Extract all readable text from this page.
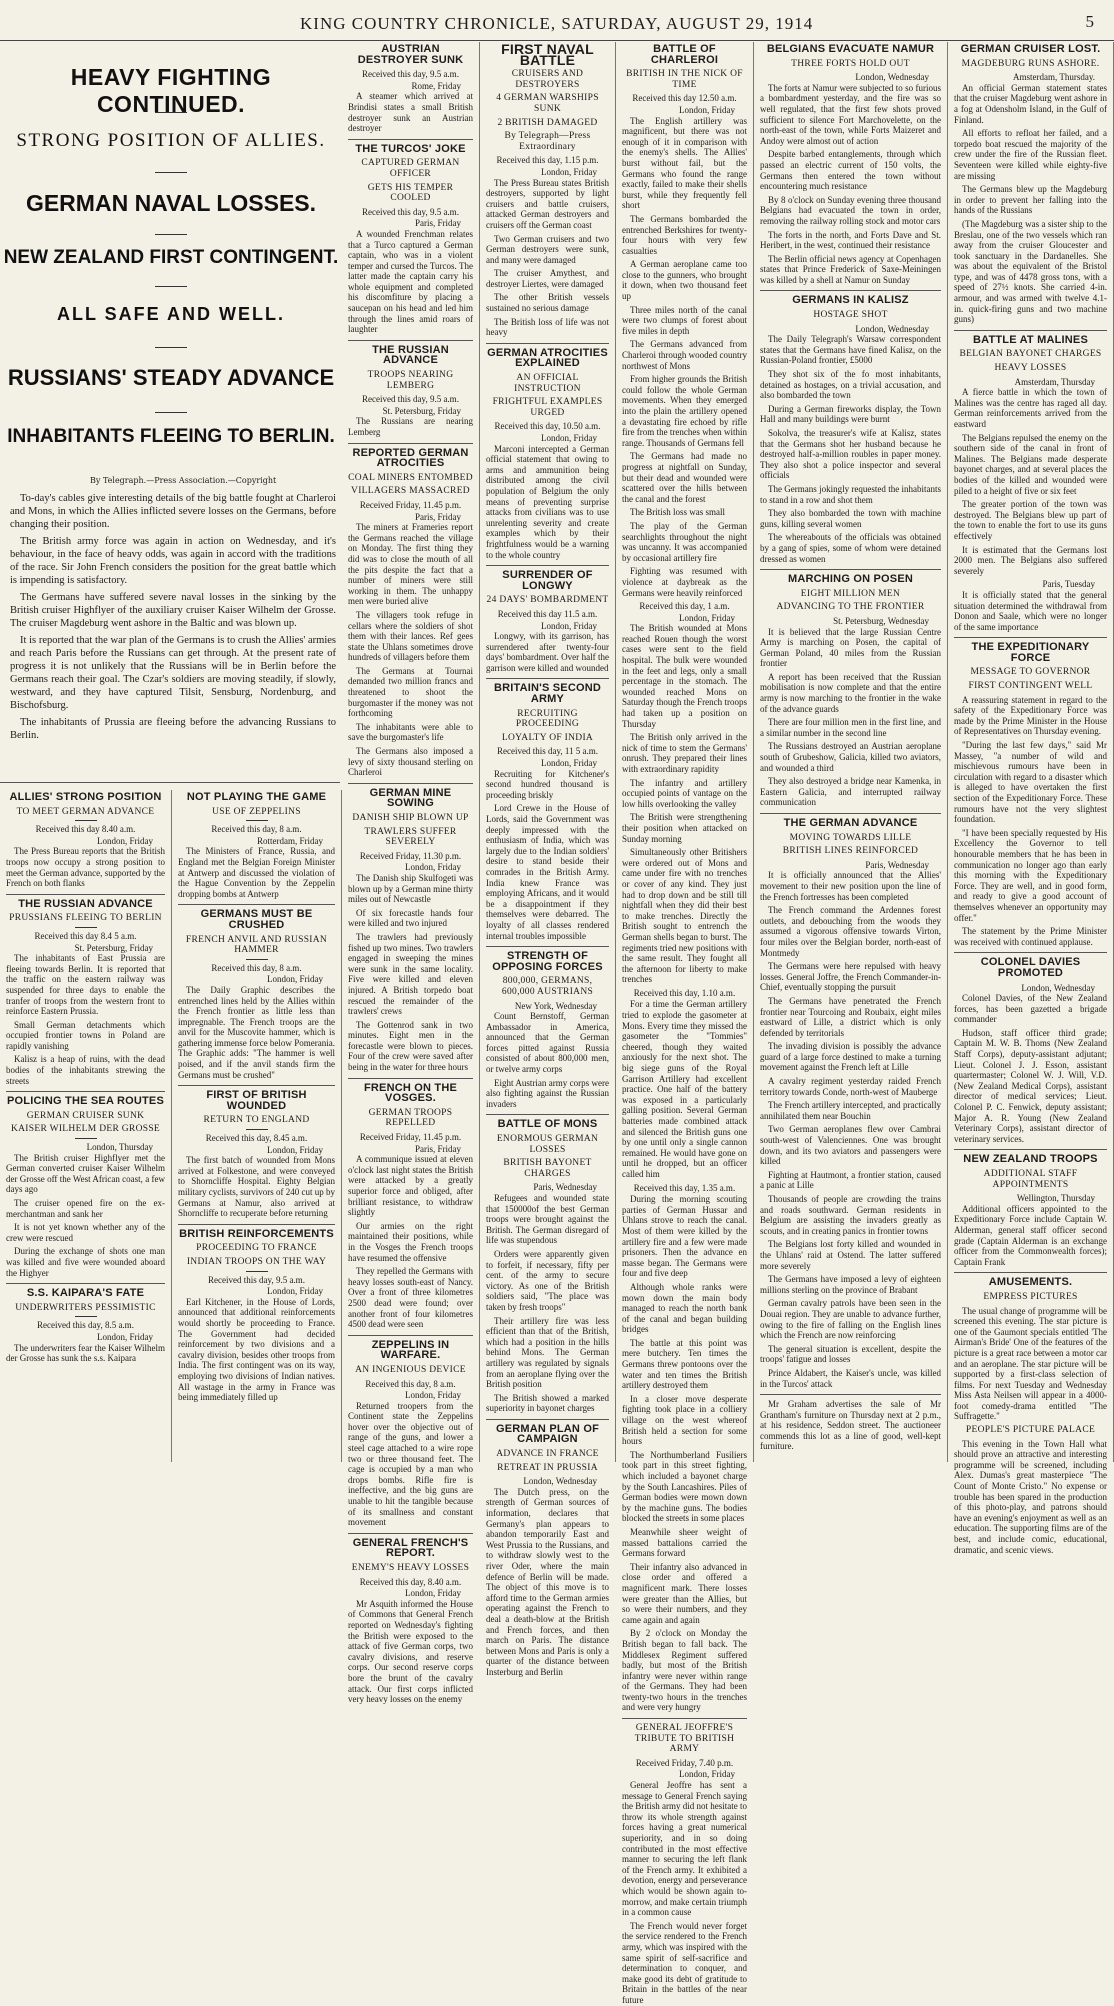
KING COUNTRY CHRONICLE, SATURDAY, AUGUST 29, 1914	5
HEAVY FIGHTING CONTINUED.
STRONG POSITION OF ALLIES.
GERMAN NAVAL LOSSES.
NEW ZEALAND FIRST CONTINGENT.
ALL SAFE AND WELL.
RUSSIANS' STEADY ADVANCE
INHABITANTS FLEEING TO BERLIN.
By Telegraph.—Press Association.—Copyright

To-day's cables give interesting details of the big battle fought at Charleroi and Mons, in which the Allies inflicted severe losses on the Germans, before changing their position.

The British army force was again in action on Wednesday, and it's behaviour, in the face of heavy odds, was again in accord with the traditions of the race. Sir John French considers the position for the great battle which is impending is satisfactory.

The Germans have suffered severe naval losses in the sinking by the British cruiser Highflyer of the auxiliary cruiser Kaiser Wilhelm der Grosse. The cruiser Magdeburg went ashore in the Baltic and was blown up.

It is reported that the war plan of the Germans is to crush the Allies' armies and reach Paris before the Russians can get through. At the present rate of progress it is not unlikely that the Russians will be in Berlin before the Germans reach their goal. The Czar's soldiers are moving steadily, if slowly, westward, and they have captured Tilsit, Sensburg, Nordenburg, and Bischofsburg.

The inhabitants of Prussia are fleeing before the advancing Russians to Berlin.

ALLIES' STRONG POSITION
TO MEET GERMAN ADVANCE
Received this day 8.40 a.m.
London, Friday

The Press Bureau reports that the British troops now occupy a strong position to meet the German advance, supported by the French on both flanks

THE RUSSIAN ADVANCE
PRUSSIANS FLEEING TO BERLIN
Received this day 8.4 5 a.m.
St. Petersburg, Friday

The inhabitants of East Prussia are fleeing towards Berlin. It is reported that the traffic on the eastern railway was suspended for three days to enable the tranfer of troops from the western front to reinforce Eastern Prussia.

Small German detachments which occupied frontier towns in Poland are rapidly vanishing

Kalisz is a heap of ruins, with the dead bodies of the inhabitants strewing the streets

POLICING THE SEA ROUTES
GERMAN CRUISER SUNK
KAISER WILHELM DER GROSSE
London, Thursday

The British cruiser Highflyer met the German converted cruiser Kaiser Wilhelm der Grosse off the West African coast, a few days ago

The cruiser opened fire on the ex-merchantman and sank her

It is not yet known whether any of the crew were rescued

During the exchange of shots one man was killed and five were wounded aboard the Highyer

S.S. KAIPARA'S FATE
UNDERWRITERS PESSIMISTIC
Received this day, 8.5 a.m.
London, Friday

The underwriters fear the Kaiser Wilhelm der Grosse has sunk the s.s. Kaipara

NOT PLAYING THE GAME
USE OF ZEPPELINS
Received this day, 8 a.m.
Rotterdam, Friday

The Ministers of France, Russia, and England met the Belgian Foreign Minister at Antwerp and discussed the violation of the Hague Convention by the Zeppelin dropping bombs at Antwerp

GERMANS MUST BE CRUSHED
FRENCH ANVIL AND RUSSIAN HAMMER
Received this day, 8 a.m.
London, Friday

The Daily Graphic describes the entrenched lines held by the Allies within the French frontier as little less than impregnable. The French troops are the anvil for the Muscovite hammer, which is gathering immense force below Pomerania. The Graphic adds: "The hammer is well poised, and if the anvil stands firm the Germans must be crushed"

FIRST OF BRITISH WOUNDED
RETURN TO ENGLAND
Received this day, 8.45 a.m.
London, Friday

The first batch of wounded from Mons arrived at Folkestone, and were conveyed to Shorncliffe Hospital. Eighty Belgian military cyclists, survivors of 240 cut up by Germans at Namur, also arrived at Shorncliffe to recuperate before returning

BRITISH REINFORCEMENTS
PROCEEDING TO FRANCE
INDIAN TROOPS ON THE WAY
Received this day, 9.5 a.m.
London, Friday

Earl Kitchener, in the House of Lords, announced that additional reinforcements would shortly be proceeding to France. The Government had decided reinforcement by two divisions and a cavalry division, besides other troops from India. The first contingent was on its way, employing two divisions of Indian natives. All wastage in the army in France was being immediately filled up

AUSTRIAN DESTROYER SUNK
Received this day, 9.5 a.m.
Rome, Friday

A steamer which arrived at Brindisi states a small British destroyer sunk an Austrian destroyer

THE TURCOS' JOKE
CAPTURED GERMAN OFFICER
GETS HIS TEMPER COOLED
Received this day, 9.5 a.m.
Paris, Friday

A wounded Frenchman relates that a Turco captured a German captain, who was in a violent temper and cursed the Turcos. The latter made the captain carry his whole equipment and completed his discomfiture by placing a saucepan on his head and led him through the lines amid roars of laughter

THE RUSSIAN ADVANCE
TROOPS NEARING LEMBERG
Received this day, 9.5 a.m.
St. Petersburg, Friday

The Russians are nearing Lemberg

REPORTED GERMAN ATROCITIES
COAL MINERS ENTOMBED
VILLAGERS MASSACRED
Received Friday, 11.45 p.m.
Paris, Friday

The miners at Frameries report the Germans reached the village on Monday. The first thing they did was to close the mouth of all the pits despite the fact that a number of miners were still working in them. The unhappy men were buried alive

The villagers took refuge in cellars where the soldiers of shot them with their lances. Ref gees state the Uhlans sometimes drove hundreds of villagers before them

The Germans at Tournai demanded two million francs and threatened to shoot the burgomaster if the money was not forthcoming

The inhabitants were able to save the burgomaster's life

The Germans also imposed a levy of sixty thousand sterling on Charleroi

GERMAN MINE SOWING
DANISH SHIP BLOWN UP
TRAWLERS SUFFER SEVERELY
Received Friday, 11.30 p.m.
London, Friday

The Danish ship Skulfogeti was blown up by a German mine thirty miles out of Newcastle

Of six forecastle hands four were killed and two injured

The trawlers had previously fished up two mines. Two trawlers engaged in sweeping the mines were sunk in the same locality. Five were killed and eleven injured. A British torpedo boat rescued the remainder of the trawlers' crews

The Gottenrod sank in two minutes. Eight men in the forecastle were blown to pieces. Four of the crew were saved after being in the water for three hours

FRENCH ON THE VOSGES.
GERMAN TROOPS REPELLED
Received Friday, 11.45 p.m.
Paris, Friday

A communique issued at eleven o'clock last night states the British were attacked by a greatly superior force and obliged, after brilliant resistance, to withdraw slightly

Our armies on the right maintained their positions, while in the Vosges the French troops have resumed the offensive

They repelled the Germans with heavy losses south-east of Nancy. Over a front of three kilometres 2500 dead were found; over another front of four kilometres 4500 dead were seen

ZEPPELINS IN WARFARE.
AN INGENIOUS DEVICE
Received this day, 8 a.m.
London, Friday

Returned troopers from the Continent state the Zeppelins hover over the objective out of range of the guns, and lower a steel cage attached to a wire rope two or three thousand feet. The cage is occupied by a man who drops bombs. Rifle fire is ineffective, and the big guns are unable to hit the tangible because of its smallness and constant movement

GENERAL FRENCH'S REPORT.
ENEMY'S HEAVY LOSSES
Received this day, 8.40 a.m.
London, Friday

Mr Asquith informed the House of Commons that General French reported on Wednesday's fighting the British were exposed to the attack of five German corps, two cavalry divisions, and reserve corps. Our second reserve corps bore the brunt of the cavalry attack. Our first corps inflicted very heavy losses on the enemy

FIRST NAVAL BATTLE
CRUISERS AND DESTROYERS
4 GERMAN WARSHIPS SUNK
2 BRITISH DAMAGED
By Telegraph—Press Extraordinary
Received this day, 1.15 p.m.
London, Friday

The Press Bureau states British destroyers, supported by light cruisers and battle cruisers, attacked German destroyers and cruisers off the German coast

Two German cruisers and two German destroyers were sunk, and many were damaged

The cruiser Amythest, and destroyer Liertes, were damaged

The other British vessels sustained no serious damage

The British loss of life was not heavy

GERMAN ATROCITIES EXPLAINED
AN OFFICIAL INSTRUCTION
FRIGHTFUL EXAMPLES URGED
Received this day, 10.50 a.m.
London, Friday

Marconi intercepted a German official statement that owing to arms and ammunition being distributed among the civil population of Belgium the only means of preventing surprise attacks from civilians was to use unrelenting severity and create examples which by their frightfulness would be a warning to the whole country

SURRENDER OF LONGWY
24 DAYS' BOMBARDMENT
Received this day 11.5 a.m.
London, Friday

Longwy, with its garrison, has surrendered after twenty-four days' bombardment. Over half the garrison were killed and wounded

BRITAIN'S SECOND ARMY
RECRUITING PROCEEDING
LOYALTY OF INDIA
Received this day, 11 5 a.m.
London, Friday

Recruiting for Kitchener's second hundred thousand is proceeding briskly

Lord Crewe in the House of Lords, said the Government was deeply impressed with the enthusiasm of India, which was largely due to the Indian soldiers' desire to stand beside their comrades in the British Army. India knew France was employing Africans, and it would be a disappointment if they themselves were debarred. The loyalty of all classes rendered internal troubles impossible

STRENGTH OF OPPOSING FORCES
800,000, GERMANS, 600,000 AUSTRIANS
New York, Wednesday

Count Bernstoff, German Ambassador in America, announced that the German forces pitted against Russia consisted of about 800,000 men, or twelve army corps

Eight Austrian army corps were also fighting against the Russian invaders

BATTLE OF MONS
ENORMOUS GERMAN LOSSES
BRITISH BAYONET CHARGES
Paris, Wednesday

Refugees and wounded state that 150000of the best German troops were brought against the British. The German disregard of life was stupendous

Orders were apparently given to forfeit, if necessary, fifty per cent. of the army to secure victory. As one of the British soldiers said, "The place was taken by fresh troops"

Their artillery fire was less efficient than that of the British, which had a position in the hills behind Mons. The German artillery was regulated by signals from an aeroplane flying over the British position

The British showed a marked superiority in bayonet charges

GERMAN PLAN OF CAMPAIGN
ADVANCE IN FRANCE
RETREAT IN PRUSSIA
London, Wednesday

The Dutch press, on the strength of German sources of information, declares that Germany's plan appears to abandon temporarily East and West Prussia to the Russians, and to withdraw slowly west to the river Oder, where the main defence of Berlin will be made. The object of this move is to afford time to the German armies operating against the French to deal a death-blow at the British and French forces, and then march on Paris. The distance between Mons and Paris is only a quarter of the distance between Insterburg and Berlin

BATTLE OF CHARLEROI
BRITISH IN THE NICK OF TIME
Received this day 12.50 a.m.
London, Friday

The English artillery was magnificent, but there was not enough of it in comparison with the enemy's shells. The Allies' burst without fail, but the Germans who found the range exactly, failed to make their shells burst, while they frequently fell short

The Germans bombarded the entrenched Berkshires for twenty-four hours with very few casualties

A German aeroplane came too close to the gunners, who brought it down, when two thousand feet up

Three miles north of the canal were two clumps of forest about five miles in depth

The Germans advanced from Charleroi through wooded country northwest of Mons

From higher grounds the British could follow the whole German movements. When they emerged into the plain the artillery opened a devastating fire echoed by rifle fire from the trenches when within range. Thousands of Germans fell

The Germans had made no progress at nightfall on Sunday, but their dead and wounded were scattered over the hills between the canal and the forest

The British loss was small

The play of the German searchlights throughout the night was uncanny. It was accompanied by occasional artillery fire

Fighting was resumed with violence at daybreak as the Germans were heavily reinforced

Received this day, 1 a.m.
London, Friday

The British wounded at Mons reached Rouen though the worst cases were sent to the field hospital. The bulk were wounded in the feet and legs, only a small percentage in the stomach. The wounded reached Mons on Saturday though the French troops had taken up a position on Thursday

The British only arrived in the nick of time to stem the Germans' onrush. They prepared their lines with extraordinary rapidity

The infantry and artillery occupied points of vantage on the low hills overlooking the valley

The British were strengthening their position when attacked on Sunday morning

Simultaneously other Britishers were ordered out of Mons and came under fire with no trenches or cover of any kind. They just had to drop down and be still till nightfall when they did their best to make trenches. Directly the British sought to entrench the German shells began to burst. The regiments tried new positions with the same result. They fought all the afternoon for liberty to make trenches

Received this day, 1.10 a.m.

For a time the German artillery tried to explode the gasometer at Mons. Every time they missed the gasometer the "Tommies" cheered, though they waited anxiously for the next shot. The big siege guns of the Royal Garrison Artillery had excellent practice. One half of the battery was exposed in a particularly galling position. Several German batteries made combined attack and silenced the British guns one by one until only a single cannon remained. He would have gone on until he dropped, but an officer called him

Received this day, 1.35 a.m.

During the morning scouting parties of German Hussar and Uhlans strove to reach the canal. Most of them were killed by the artillery fire and a few were made prisoners. Then the advance en masse began. The Germans were four and five deep

Although whole ranks were mown down the main body managed to reach the north bank of the canal and began building bridges

The battle at this point was mere butchery. Ten times the Germans threw pontoons over the water and ten times the British artillery destroyed them

In a closer move desperate fighting took place in a colliery village on the west whereof British held a section for some hours

The Northumberland Fusiliers took part in this street fighting, which included a bayonet charge by the South Lancashires. Piles of German bodies were mown down by the machine guns. The bodies blocked the streets in some places

Meanwhile sheer weight of massed battalions carried the Germans forward

Their infantry also advanced in close order and offered a magnificent mark. There losses were greater than the Allies, but so were their numbers, and they came again and again

By 2 o'clock on Monday the British began to fall back. The Middlesex Regiment suffered badly, but most of the British infantry were never within range of the Germans. They had been twenty-two hours in the trenches and were very hungry

GENERAL JEOFFRE'S TRIBUTE TO BRITISH ARMY
Received Friday, 7.40 p.m.
London, Friday

General Jeoffre has sent a message to General French saying the British army did not hesitate to throw its whole strength against forces having a great numerical superiority, and in so doing contributed in the most effective manner to securing the left flank of the French army. It exhibited a devotion, energy and perseverance which would be shown again to-morrow, and make certain triumph in a common cause

The French would never forget the service rendered to the French army, which was inspired with the same spirit of self-sacrifice and determination to conquer, and make good its debt of gratitude to Britain in the battles of the near future

BELGIANS EVACUATE NAMUR
THREE FORTS HOLD OUT
London, Wednesday

The forts at Namur were subjected to so furious a bombardment yesterday, and the fire was so well regulated, that the first few shots proved sufficient to silence Fort Marchovelette, on the north-east of the town, while Forts Maizeret and Andoy were almost out of action

Despite barbed entanglements, through which passed an electric current of 150 volts, the Germans then entered the town without encountering much resistance

By 8 o'clock on Sunday evening three thousand Belgians had evacuated the town in order, removing the railway rolling stock and motor cars

The forts in the north, and Forts Dave and St. Heribert, in the west, continued their resistance

The Berlin official news agency at Copenhagen states that Prince Frederick of Saxe-Meiningen was killed by a shell at Namur on Sunday

GERMANS IN KALISZ
HOSTAGE SHOT
London, Wednesday

The Daily Telegraph's Warsaw correspondent states that the Germans have fined Kalisz, on the Russian-Poland frontier, £5000

They shot six of the fo most inhabitants, detained as hostages, on a trivial accusation, and also bombarded the town

During a German fireworks display, the Town Hall and many buildings were burnt

Sokolva, the treasurer's wife at Kalisz, states that the Germans shot her husband because he destroyed half-a-million roubles in paper money. They also shot a police inspector and several officials

The Germans jokingly requested the inhabitants to stand in a row and shot them

They also bombarded the town with machine guns, killing several women

The whereabouts of the officials was obtained by a gang of spies, some of whom were detained dressed as women

MARCHING ON POSEN
EIGHT MILLION MEN
ADVANCING TO THE FRONTIER
St. Petersburg, Wednesday

It is believed that the large Russian Centre Army is marching on Posen, the capital of German Poland, 40 miles from the Russian frontier

A report has been received that the Russian mobilisation is now complete and that the entire army is now marching to the frontier in the wake of the advance guards

There are four million men in the first line, and a similar number in the second line

The Russians destroyed an Austrian aeroplane south of Grubeshow, Galicia, killed two aviators, and wounded a third

They also destroyed a bridge near Kamenka, in Eastern Galicia, and interrupted railway communication

THE GERMAN ADVANCE
MOVING TOWARDS LILLE
BRITISH LINES REINFORCED
Paris, Wednesday

It is officially announced that the Allies' movement to their new position upon the line of the French fortresses has been completed

The French command the Ardennes forest outlets, and debouching from the woods they assumed a vigorous offensive towards Virton, four miles over the Belgian border, north-east of Montmedy

The Germans were here repulsed with heavy losses. General Joffre, the French Commander-in-Chief, eventually stopping the pursuit

The Germans have penetrated the French frontier near Tourcoing and Roubaix, eight miles eastward of Lille, a district which is only defended by territorials

The invading division is possibly the advance guard of a large force destined to make a turning movement against the French left at Lille

A cavalry regiment yesterday raided French territory towards Conde, north-west of Mauberge

The French artillery intercepted, and practically annihilated them near Bouchin

Two German aeroplanes flew over Cambrai south-west of Valenciennes. One was brought down, and its two aviators and passengers were killed

Fighting at Hautmont, a frontier station, caused a panic at Lille

Thousands of people are crowding the trains and roads southward. German residents in Belgium are assisting the invaders greatly as scouts, and in creating panics in frontier towns

The Belgians lost forty killed and wounded in the Uhlans' raid at Ostend. The latter suffered more severely

The Germans have imposed a levy of eighteen millions sterling on the province of Brabant

German cavalry patrols have been seen in the Douai region. They are unable to advance further, owing to the fire of falling on the English lines which the French are now reinforcing

The general situation is excellent, despite the troops' fatigue and losses

Prince Aldabert, the Kaiser's uncle, was killed in the Turcos' attack

Mr Graham advertises the sale of Mr Grantham's furniture on Thursday next at 2 p.m., at his residence, Seddon street. The auctioneer commends this lot as a line of good, well-kept furniture.

GERMAN CRUISER LOST.
MAGDEBURG RUNS ASHORE.
Amsterdam, Thursday.

An official German statement states that the cruiser Magdeburg went ashore in a fog at Odensholm Island, in the Gulf of Finland.

All efforts to refloat her failed, and a torpedo boat rescued the majority of the crew under the fire of the Russian fleet. Seventeen were killed while eighty-five are missing

The Germans blew up the Magdeburg in order to prevent her falling into the hands of the Russians

(The Magdeburg was a sister ship to the Breslau, one of the two vessels which ran away from the cruiser Gloucester and took sanctuary in the Dardanelles. She was about the equivalent of the Bristol type, and was of 4478 gross tons, with a speed of 27½ knots. She carried 4-in. armour, and was armed with twelve 4.1-in. quick-firing guns and two machine guns)

BATTLE AT MALINES
BELGIAN BAYONET CHARGES
HEAVY LOSSES
Amsterdam, Thursday

A fierce battle in which the town of Malines was the centre has raged all day. German reinforcements arrived from the eastward

The Belgians repulsed the enemy on the southern side of the canal in front of Malines. The Belgians made desperate bayonet charges, and at several places the bodies of the killed and wounded were piled to a height of five or six feet

The greater portion of the town was destroyed. The Belgians blew up part of the town to enable the fort to use its guns effectively

It is estimated that the Germans lost 2000 men. The Belgians also suffered severely

Paris, Tuesday

It is officially stated that the general situation determined the withdrawal from Donon and Saale, which were no longer of the same importance

THE EXPEDITIONARY FORCE
MESSAGE TO GOVERNOR
FIRST CONTINGENT WELL

A reassuring statement in regard to the safety of the Expeditionary Force was made by the Prime Minister in the House of Representatives on Thursday evening.

"During the last few days," said Mr Massey, "a number of wild and mischievous rumours have been in circulation with regard to a disaster which is alleged to have overtaken the first section of the Expeditionary Force. These rumours have not the very slightest foundation.

"I have been specially requested by His Excellency the Governor to tell honourable members that he has been in communication no longer ago than early this morning with the Expeditionary Force. They are well, and in good form, and ready to give a good account of themselves whenever an opportunity may offer."

The statement by the Prime Minister was received with continued applause.

COLONEL DAVIES PROMOTED
London, Wednesday

Colonel Davies, of the New Zealand forces, has been gazetted a brigade commander

Hudson, staff officer third grade; Captain M. W. B. Thoms (New Zealand Staff Corps), deputy-assistant adjutant; Lieut. Colonel J. J. Esson, assistant quartermaster; Colonel W. J. Will, V.D. (New Zealand Medical Corps), assistant director of medical services; Lieut. Colonel P. C. Fenwick, deputy assistant; Major A. R. Young (New Zealand Veterinary Corps), assistant director of veterinary services.

NEW ZEALAND TROOPS
ADDITIONAL STAFF APPOINTMENTS
Wellington, Thursday

Additional officers appointed to the Expeditionary Force include Captain W. Alderman, general staff officer second grade (Captain Alderman is an exchange officer from the Commonwealth forces); Captain Frank

AMUSEMENTS.
EMPRESS PICTURES

The usual change of programme will be screened this evening. The star picture is one of the Gaumont specials entitled 'The Airman's Bride' One of the features of the picture is a great race between a motor car and an aeroplane. The star picture will be supported by a first-class selection of films. For next Tuesday and Wednesday Miss Asta Neilsen will appear in a 4000-foot comedy-drama entitled "The Suffragette."

PEOPLE'S PICTURE PALACE

This evening in the Town Hall what should prove an attractive and interesting programme will be screened, including Alex. Dumas's great masterpiece "The Count of Monte Cristo." No expense or trouble has been spared in the production of this photo-play, and patrons should have an evening's enjoyment as well as an education. The supporting films are of the best, and include comic, educational, dramatic, and scenic views.
